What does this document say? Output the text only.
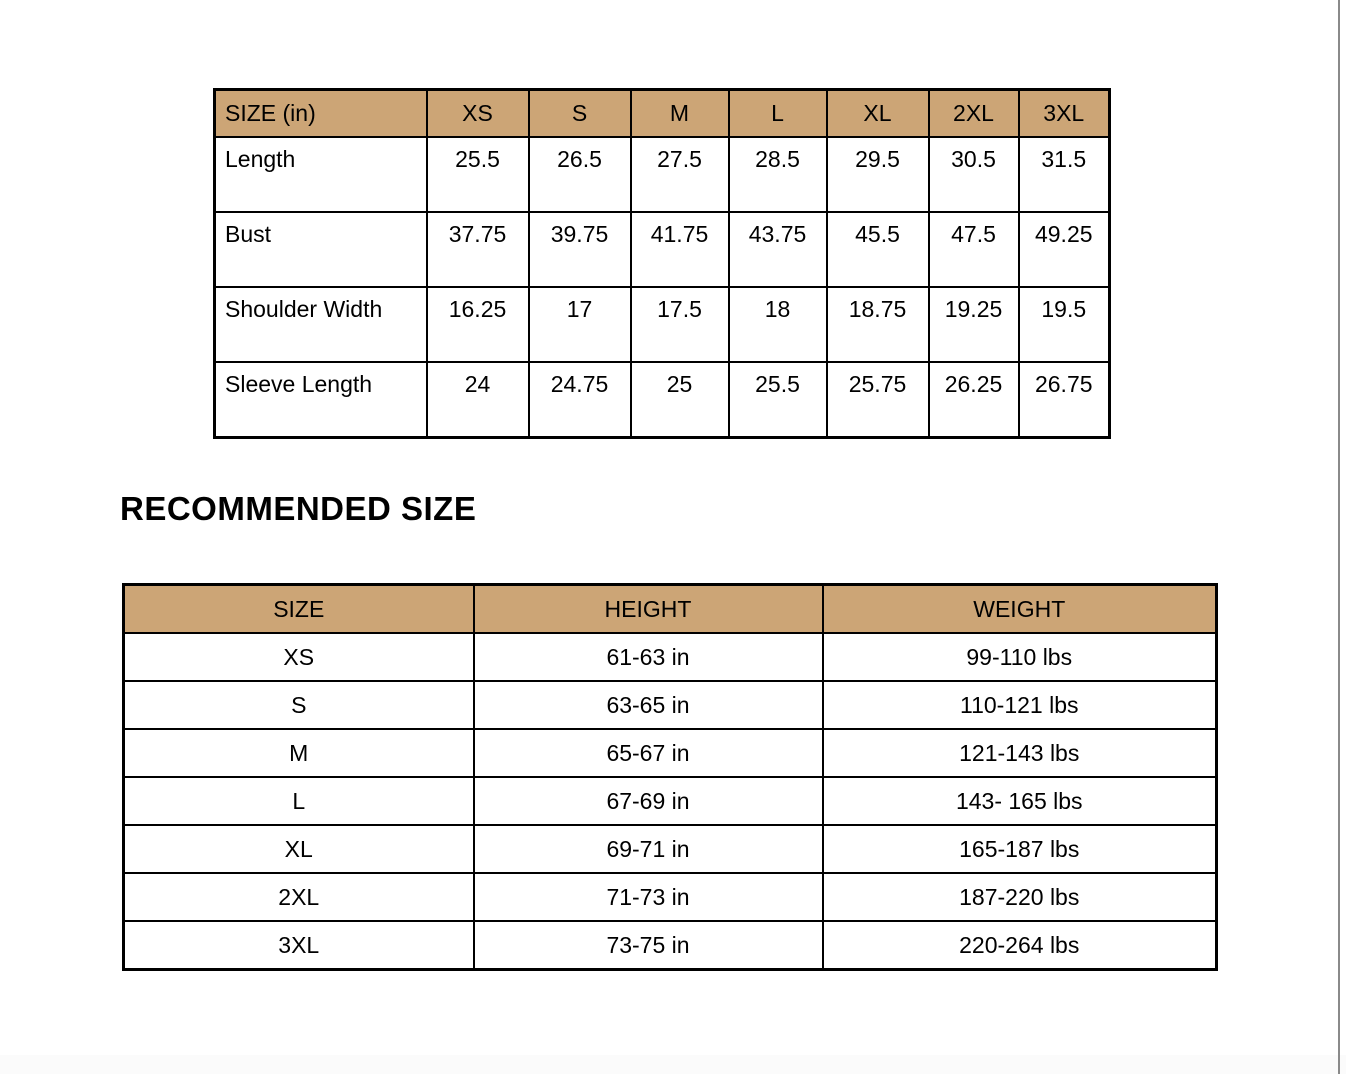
SIZE (in)	XS	S	M	L	XL	2XL	3XL
Length	25.5	26.5	27.5	28.5	29.5	30.5	31.5
Bust	37.75	39.75	41.75	43.75	45.5	47.5	49.25
Shoulder Width	16.25	17	17.5	18	18.75	19.25	19.5
Sleeve Length	24	24.75	25	25.5	25.75	26.25	26.75
RECOMMENDED SIZE
SIZE	HEIGHT	WEIGHT
XS	61-63 in	99-110 lbs
S	63-65 in	110-121 lbs
M	65-67 in	121-143 lbs
L	67-69 in	143- 165 lbs
XL	69-71 in	165-187 lbs
2XL	71-73 in	187-220 lbs
3XL	73-75 in	220-264 lbs
